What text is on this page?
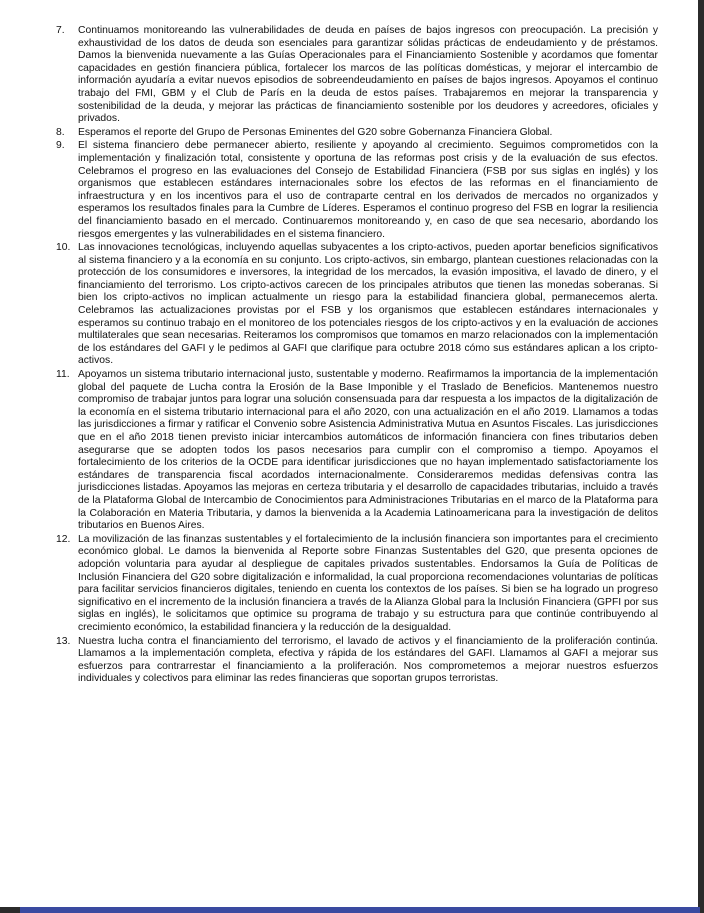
7.	Continuamos monitoreando las vulnerabilidades de deuda en países de bajos ingresos con preocupación. La precisión y exhaustividad de los datos de deuda son esenciales para garantizar sólidas prácticas de endeudamiento y de préstamos. Damos la bienvenida nuevamente a las Guías Operacionales para el Financiamiento Sostenible y acordamos que fomentar capacidades en gestión financiera pública, fortalecer los marcos de las políticas domésticas, y mejorar el intercambio de información ayudaría a evitar nuevos episodios de sobreendeudamiento en países de bajos ingresos. Apoyamos el continuo trabajo del FMI, GBM y el Club de París en la deuda de estos países. Trabajaremos en mejorar la transparencia y sostenibilidad de la deuda, y mejorar las prácticas de financiamiento sostenible por los deudores y acreedores, oficiales y privados.
8.	Esperamos el reporte del Grupo de Personas Eminentes del G20 sobre Gobernanza Financiera Global.
9.	El sistema financiero debe permanecer abierto, resiliente y apoyando al crecimiento. Seguimos comprometidos con la implementación y finalización total, consistente y oportuna de las reformas post crisis y de la evaluación de sus efectos. Celebramos el progreso en las evaluaciones del Consejo de Estabilidad Financiera (FSB por sus siglas en inglés) y los organismos que establecen estándares internacionales sobre los efectos de las reformas en el financiamiento de infraestructura y en los incentivos para el uso de contraparte central en los derivados de mercados no organizados y esperamos los resultados finales para la Cumbre de Líderes. Esperamos el continuo progreso del FSB en lograr la resiliencia del financiamiento basado en el mercado. Continuaremos monitoreando y, en caso de que sea necesario, abordando los riesgos emergentes y las vulnerabilidades en el sistema financiero.
10. Las innovaciones tecnológicas, incluyendo aquellas subyacentes a los cripto-activos, pueden aportar beneficios significativos al sistema financiero y a la economía en su conjunto. Los cripto-activos, sin embargo, plantean cuestiones relacionadas con la protección de los consumidores e inversores, la integridad de los mercados, la evasión impositiva, el lavado de dinero, y el financiamiento del terrorismo. Los cripto-activos carecen de los principales atributos que tienen las monedas soberanas. Si bien los cripto-activos no implican actualmente un riesgo para la estabilidad financiera global, permanecemos alerta. Celebramos las actualizaciones provistas por el FSB y los organismos que establecen estándares internacionales y esperamos su continuo trabajo en el monitoreo de los potenciales riesgos de los cripto-activos y en la evaluación de acciones multilaterales que sean necesarias. Reiteramos los compromisos que tomamos en marzo relacionados con la implementación de los estándares del GAFI y le pedimos al GAFI que clarifique para octubre 2018 cómo sus estándares aplican a los cripto-activos.
11. Apoyamos un sistema tributario internacional justo, sustentable y moderno. Reafirmamos la importancia de la implementación global del paquete de Lucha contra la Erosión de la Base Imponible y el Traslado de Beneficios. Mantenemos nuestro compromiso de trabajar juntos para lograr una solución consensuada para dar respuesta a los impactos de la digitalización de la economía en el sistema tributario internacional para el año 2020, con una actualización en el año 2019. Llamamos a todas las jurisdicciones a firmar y ratificar el Convenio sobre Asistencia Administrativa Mutua en Asuntos Fiscales. Las jurisdicciones que en el año 2018 tienen previsto iniciar intercambios automáticos de información financiera con fines tributarios deben asegurarse que se adopten todos los pasos necesarios para cumplir con el compromiso a tiempo. Apoyamos el fortalecimiento de los criterios de la OCDE para identificar jurisdicciones que no hayan implementado satisfactoriamente los estándares de transparencia fiscal acordados internacionalmente. Consideraremos medidas defensivas contra las jurisdicciones listadas. Apoyamos las mejoras en certeza tributaria y el desarrollo de capacidades tributarias, incluido a través de la Plataforma Global de Intercambio de Conocimientos para Administraciones Tributarias en el marco de la Plataforma para la Colaboración en Materia Tributaria, y damos la bienvenida a la Academia Latinoamericana para la investigación de delitos tributarios en Buenos Aires.
12. La movilización de las finanzas sustentables y el fortalecimiento de la inclusión financiera son importantes para el crecimiento económico global. Le damos la bienvenida al Reporte sobre Finanzas Sustentables del G20, que presenta opciones de adopción voluntaria para ayudar al despliegue de capitales privados sustentables. Endorsamos la Guía de Políticas de Inclusión Financiera del G20 sobre digitalización e informalidad, la cual proporciona recomendaciones voluntarias de políticas para facilitar servicios financieros digitales, teniendo en cuenta los contextos de los países. Si bien se ha logrado un progreso significativo en el incremento de la inclusión financiera a través de la Alianza Global para la Inclusión Financiera (GPFI por sus siglas en inglés), le solicitamos que optimice su programa de trabajo y su estructura para que continúe contribuyendo al crecimiento económico, la estabilidad financiera y la reducción de la desigualdad.
13. Nuestra lucha contra el financiamiento del terrorismo, el lavado de activos y el financiamiento de la proliferación continúa. Llamamos a la implementación completa, efectiva y rápida de los estándares del GAFI. Llamamos al GAFI a mejorar sus esfuerzos para contrarrestar el financiamiento a la proliferación. Nos comprometemos a mejorar nuestros esfuerzos individuales y colectivos para eliminar las redes financieras que soportan grupos terroristas.
